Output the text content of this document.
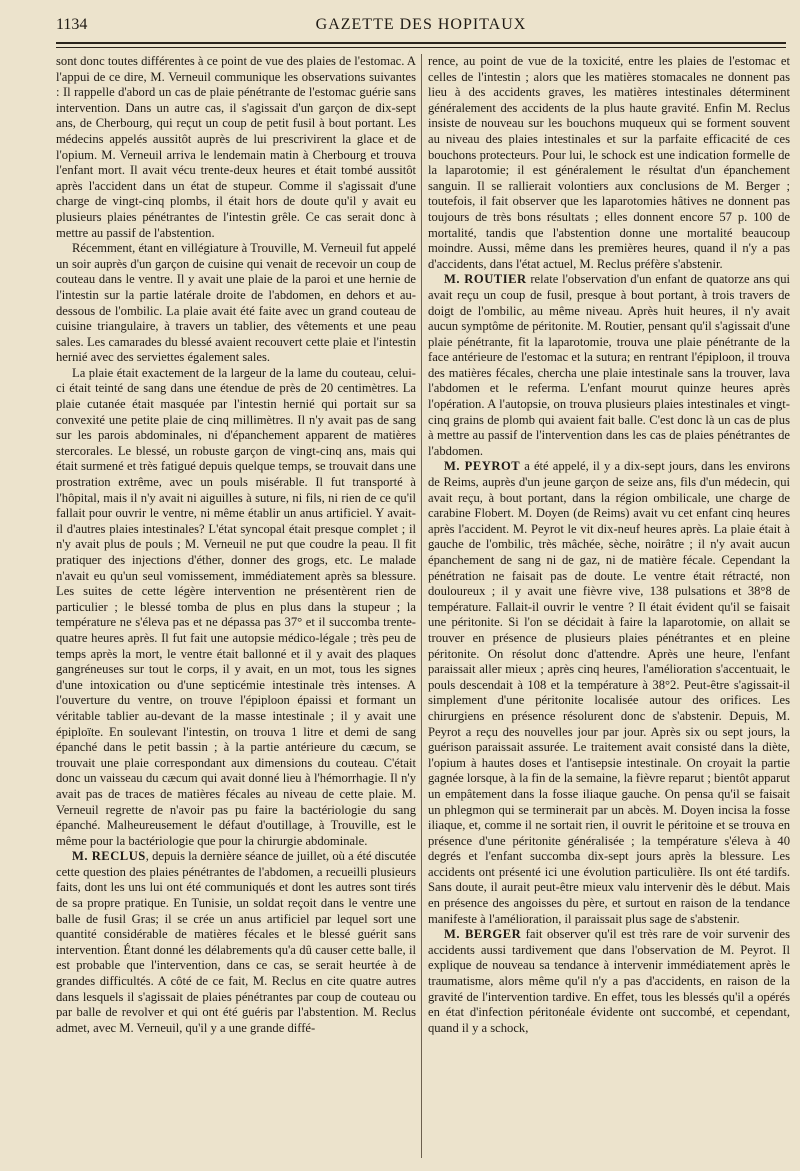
1134	GAZETTE DES HOPITAUX

sont donc toutes différentes à ce point de vue des plaies de l'estomac. A l'appui de ce dire, M. Verneuil communique les observations suivantes : Il rappelle d'abord un cas de plaie pénétrante de l'estomac guérie sans intervention. Dans un autre cas, il s'agissait d'un garçon de dix-sept ans, de Cherbourg, qui reçut un coup de petit fusil à bout portant. Les médecins appelés aussitôt auprès de lui prescrivirent la glace et de l'opium. M. Verneuil arriva le lendemain matin à Cherbourg et trouva l'enfant mort. Il avait vécu trente-deux heures et était tombé aussitôt après l'accident dans un état de stupeur. Comme il s'agissait d'une charge de vingt-cinq plombs, il était hors de doute qu'il y avait eu plusieurs plaies pénétrantes de l'intestin grêle. Ce cas serait donc à mettre au passif de l'abstention.

Récemment, étant en villégiature à Trouville, M. Verneuil fut appelé un soir auprès d'un garçon de cuisine qui venait de recevoir un coup de couteau dans le ventre. Il y avait une plaie de la paroi et une hernie de l'intestin sur la partie latérale droite de l'abdomen, en dehors et au-dessous de l'ombilic. La plaie avait été faite avec un grand couteau de cuisine triangulaire, à travers un tablier, des vêtements et une peau sales. Les camarades du blessé avaient recouvert cette plaie et l'intestin hernié avec des serviettes également sales.

La plaie était exactement de la largeur de la lame du couteau, celui-ci était teinté de sang dans une étendue de près de 20 centimètres. La plaie cutanée était masquée par l'intestin hernié qui portait sur sa convexité une petite plaie de cinq millimètres. Il n'y avait pas de sang sur les parois abdominales, ni d'épanchement apparent de matières stercorales. Le blessé, un robuste garçon de vingt-cinq ans, mais qui était surmené et très fatigué depuis quelque temps, se trouvait dans une prostration extrême, avec un pouls misérable. Il fut transporté à l'hôpital, mais il n'y avait ni aiguilles à suture, ni fils, ni rien de ce qu'il fallait pour ouvrir le ventre, ni même établir un anus artificiel. Y avait-il d'autres plaies intestinales? L'état syncopal était presque complet ; il n'y avait plus de pouls ; M. Verneuil ne put que coudre la peau. Il fit pratiquer des injections d'éther, donner des grogs, etc. Le malade n'avait eu qu'un seul vomissement, immédiatement après sa blessure. Les suites de cette légère intervention ne présentèrent rien de particulier ; le blessé tomba de plus en plus dans la stupeur ; la température ne s'éleva pas et ne dépassa pas 37° et il succomba trente-quatre heures après. Il fut fait une autopsie médico-légale ; très peu de temps après la mort, le ventre était ballonné et il y avait des plaques gangréneuses sur tout le corps, il y avait, en un mot, tous les signes d'une intoxication ou d'une septicémie intestinale très intenses. A l'ouverture du ventre, on trouve l'épiploon épaissi et formant un véritable tablier au-devant de la masse intestinale ; il y avait une épiploïte. En soulevant l'intestin, on trouva 1 litre et demi de sang épanché dans le petit bassin ; à la partie antérieure du cæcum, se trouvait une plaie correspondant aux dimensions du couteau. C'était donc un vaisseau du cæcum qui avait donné lieu à l'hémorrhagie. Il n'y avait pas de traces de matières fécales au niveau de cette plaie. M. Verneuil regrette de n'avoir pas pu faire la bactériologie du sang épanché. Malheureusement le défaut d'outillage, à Trouville, est le même pour la bactériologie que pour la chirurgie abdominale.

M. RECLUS, depuis la dernière séance de juillet, où a été discutée cette question des plaies pénétrantes de l'abdomen, a recueilli plusieurs faits, dont les uns lui ont été communiqués et dont les autres sont tirés de sa propre pratique. En Tunisie, un soldat reçoit dans le ventre une balle de fusil Gras; il se crée un anus artificiel par lequel sort une quantité considérable de matières fécales et le blessé guérit sans intervention. Étant donné les délabrements qu'a dû causer cette balle, il est probable que l'intervention, dans ce cas, se serait heurtée à de grandes difficultés. A côté de ce fait, M. Reclus en cite quatre autres dans lesquels il s'agissait de plaies pénétrantes par coup de couteau ou par balle de revolver et qui ont été guéris par l'abstention. M. Reclus admet, avec M. Verneuil, qu'il y a une grande diffé-

rence, au point de vue de la toxicité, entre les plaies de l'estomac et celles de l'intestin ; alors que les matières stomacales ne donnent pas lieu à des accidents graves, les matières intestinales déterminent généralement des accidents de la plus haute gravité. Enfin M. Reclus insiste de nouveau sur les bouchons muqueux qui se forment souvent au niveau des plaies intestinales et sur la parfaite efficacité de ces bouchons protecteurs. Pour lui, le schock est une indication formelle de la laparotomie; il est généralement le résultat d'un épanchement sanguin. Il se rallierait volontiers aux conclusions de M. Berger ; toutefois, il fait observer que les laparotomies hâtives ne donnent pas toujours de très bons résultats ; elles donnent encore 57 p. 100 de mortalité, tandis que l'abstention donne une mortalité beaucoup moindre. Aussi, même dans les premières heures, quand il n'y a pas d'accidents, dans l'état actuel, M. Reclus préfère s'abstenir.

M. ROUTIER relate l'observation d'un enfant de quatorze ans qui avait reçu un coup de fusil, presque à bout portant, à trois travers de doigt de l'ombilic, au même niveau. Après huit heures, il n'y avait aucun symptôme de péritonite. M. Routier, pensant qu'il s'agissait d'une plaie pénétrante, fit la laparotomie, trouva une plaie pénétrante de la face antérieure de l'estomac et la sutura; en rentrant l'épiploon, il trouva des matières fécales, chercha une plaie intestinale sans la trouver, lava l'abdomen et le referma. L'enfant mourut quinze heures après l'opération. A l'autopsie, on trouva plusieurs plaies intestinales et vingt-cinq grains de plomb qui avaient fait balle. C'est donc là un cas de plus à mettre au passif de l'intervention dans les cas de plaies pénétrantes de l'abdomen.

M. PEYROT a été appelé, il y a dix-sept jours, dans les environs de Reims, auprès d'un jeune garçon de seize ans, fils d'un médecin, qui avait reçu, à bout portant, dans la région ombilicale, une charge de carabine Flobert. M. Doyen (de Reims) avait vu cet enfant cinq heures après l'accident. M. Peyrot le vit dix-neuf heures après. La plaie était à gauche de l'ombilic, très mâchée, sèche, noirâtre ; il n'y avait aucun épanchement de sang ni de gaz, ni de matière fécale. Cependant la pénétration ne faisait pas de doute. Le ventre était rétracté, non douloureux ; il y avait une fièvre vive, 138 pulsations et 38°8 de température. Fallait-il ouvrir le ventre ? Il était évident qu'il se faisait une péritonite. Si l'on se décidait à faire la laparotomie, on allait se trouver en présence de plusieurs plaies pénétrantes et en pleine péritonite. On résolut donc d'attendre. Après une heure, l'enfant paraissait aller mieux ; après cinq heures, l'amélioration s'accentuait, le pouls descendait à 108 et la température à 38°2. Peut-être s'agissait-il simplement d'une péritonite localisée autour des orifices. Les chirurgiens en présence résolurent donc de s'abstenir. Depuis, M. Peyrot a reçu des nouvelles jour par jour. Après six ou sept jours, la guérison paraissait assurée. Le traitement avait consisté dans la diète, l'opium à hautes doses et l'antisepsie intestinale. On croyait la partie gagnée lorsque, à la fin de la semaine, la fièvre reparut ; bientôt apparut un empâtement dans la fosse iliaque gauche. On pensa qu'il se faisait un phlegmon qui se terminerait par un abcès. M. Doyen incisa la fosse iliaque, et, comme il ne sortait rien, il ouvrit le péritoine et se trouva en présence d'une péritonite généralisée ; la température s'éleva à 40 degrés et l'enfant succomba dix-sept jours après la blessure. Les accidents ont présenté ici une évolution particulière. Ils ont été tardifs. Sans doute, il aurait peut-être mieux valu intervenir dès le début. Mais en présence des angoisses du père, et surtout en raison de la tendance manifeste à l'amélioration, il paraissait plus sage de s'abstenir.

M. BERGER fait observer qu'il est très rare de voir survenir des accidents aussi tardivement que dans l'observation de M. Peyrot. Il explique de nouveau sa tendance à intervenir immédiatement après le traumatisme, alors même qu'il n'y a pas d'accidents, en raison de la gravité de l'intervention tardive. En effet, tous les blessés qu'il a opérés en état d'infection péritonéale évidente ont succombé, et cependant, quand il y a schock,
